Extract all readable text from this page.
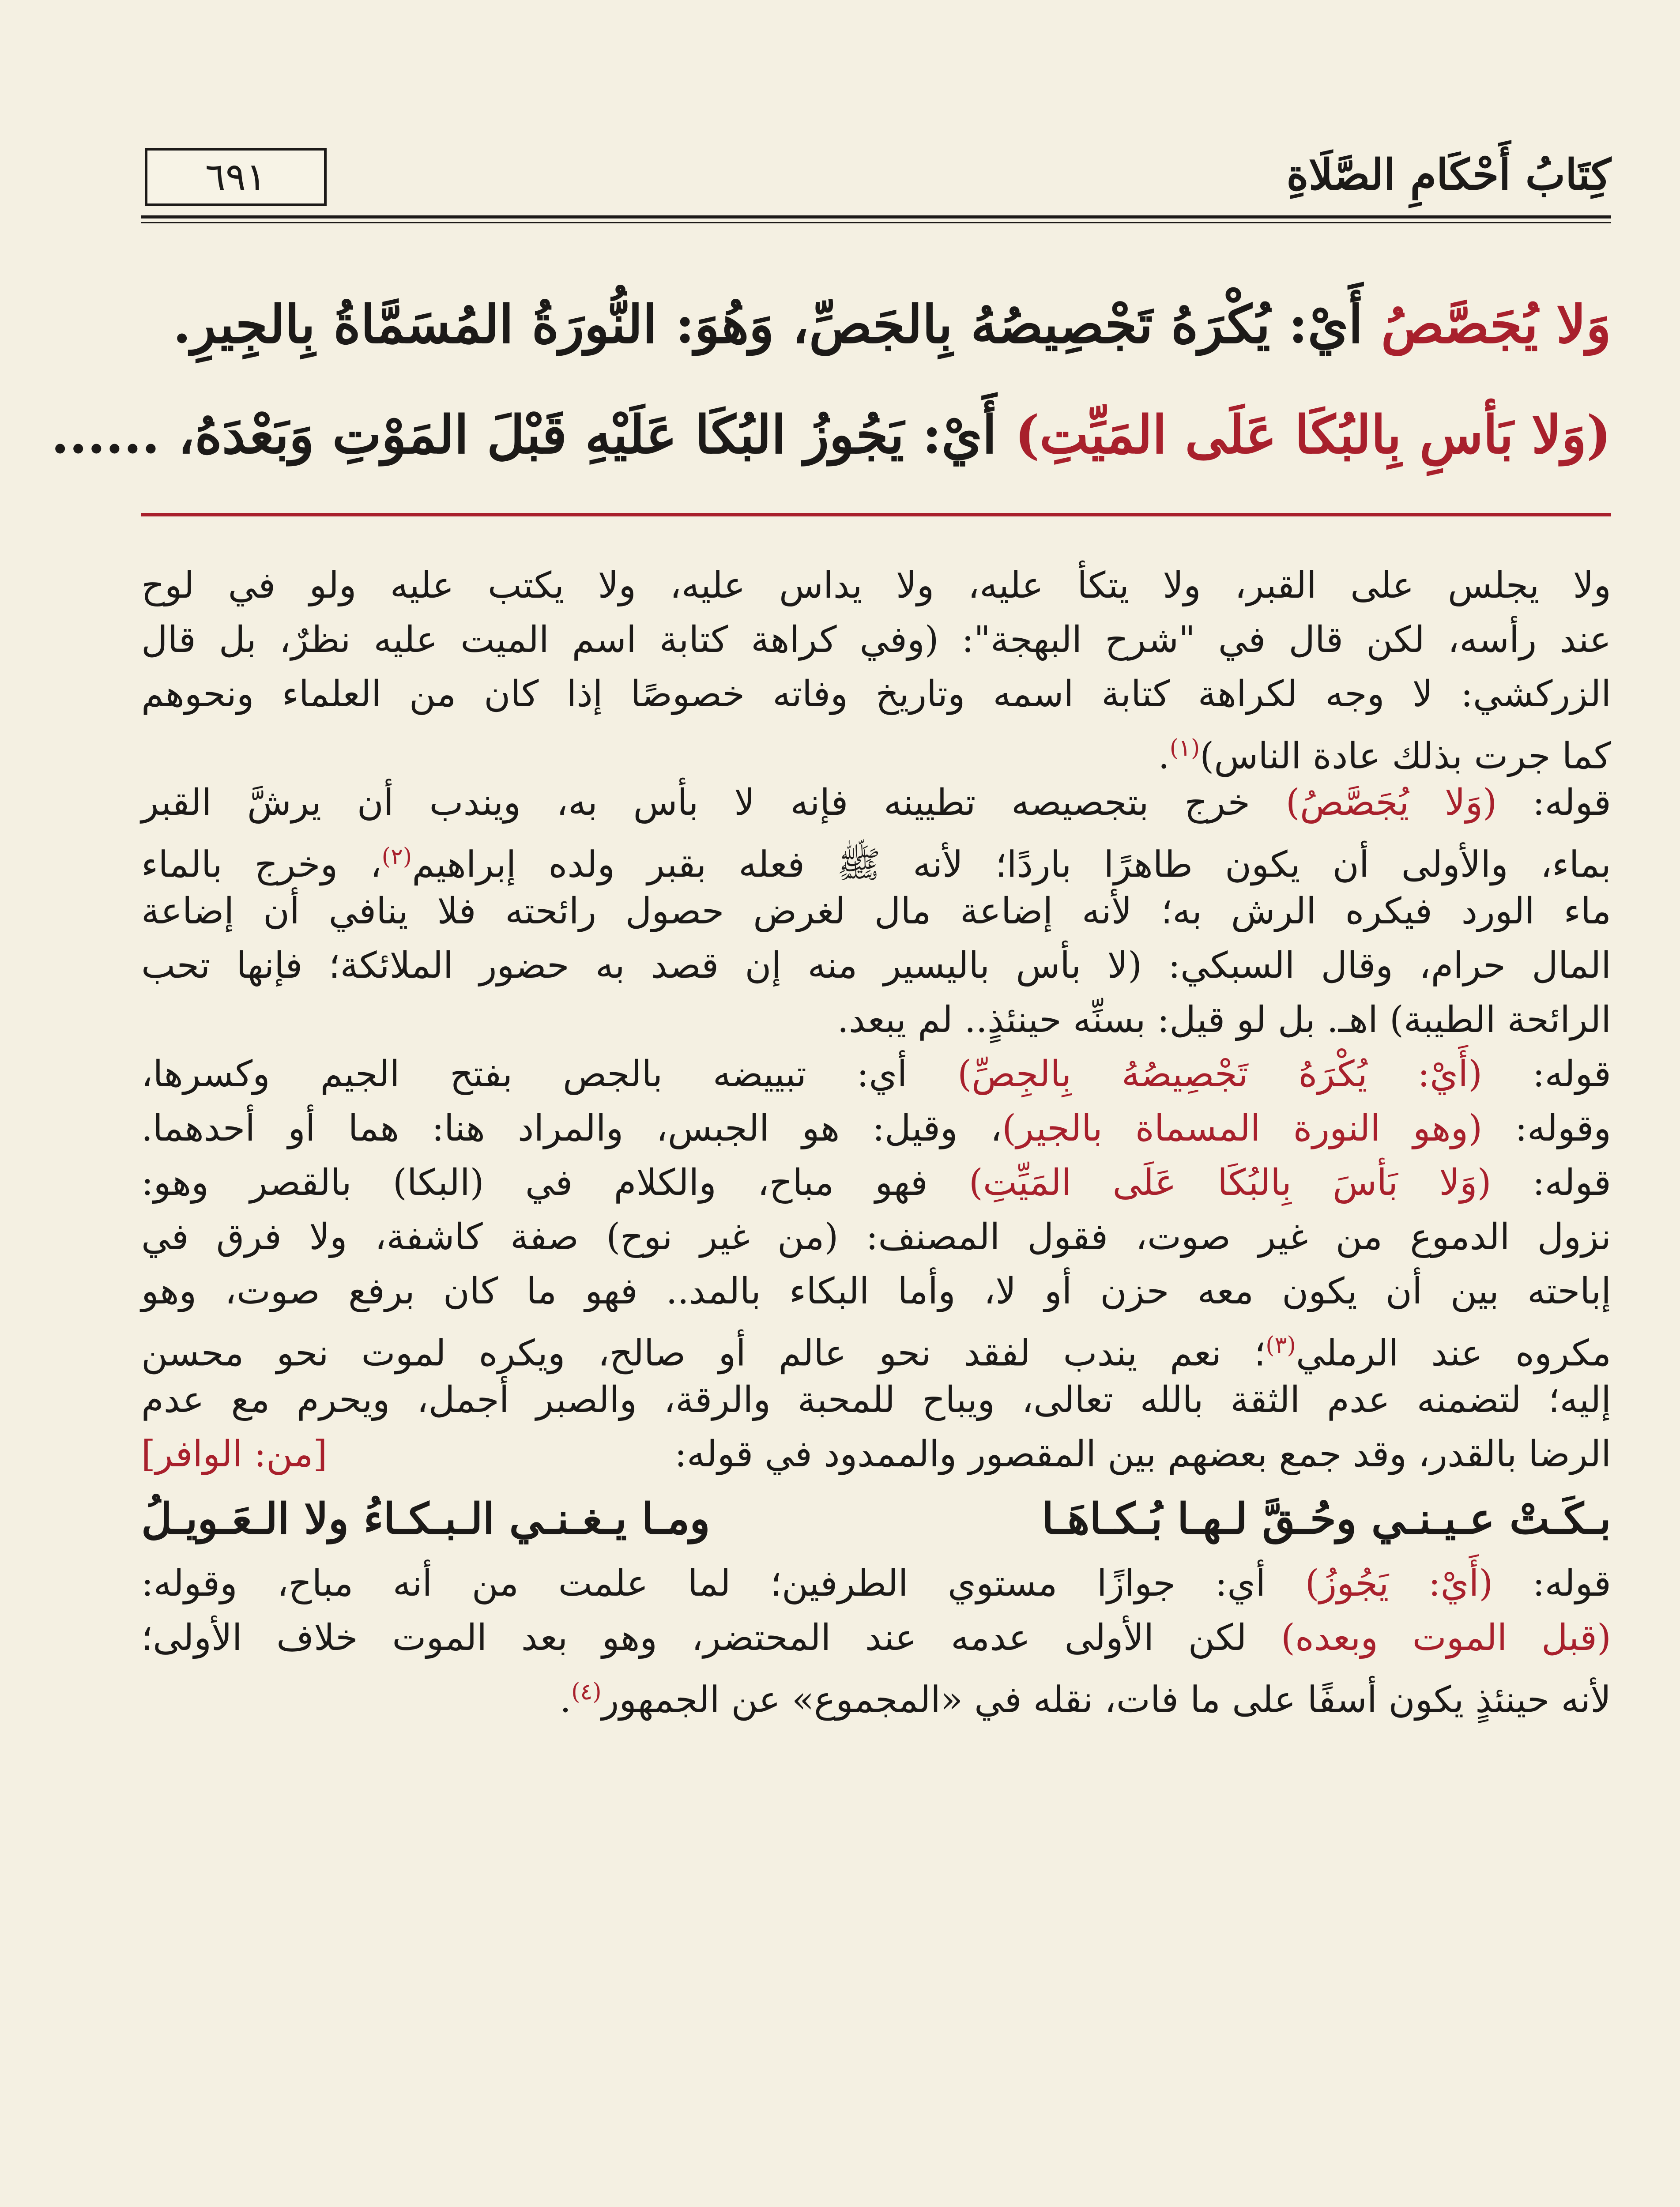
٦٩١	كِتَابُ أَحْكَامِ الصَّلَاةِ
وَلا يُجَصَّصُ أَيْ: يُكْرَهُ تَجْصِيصُهُ بِالجَصِّ، وَهُوَ: النُّورَةُ المُسَمَّاةُ بِالجِيرِ.
(وَلا بَأسِ بِالبُكَا عَلَى المَيِّتِ) أَيْ: يَجُوزُ البُكَا عَلَيْهِ قَبْلَ المَوْتِ وَبَعْدَهُ، ......
ولا يجلس على القبر، ولا يتكأ عليه، ولا يداس عليه، ولا يكتب عليه ولو في لوح
عند رأسه، لكن قال في "شرح البهجة": (وفي كراهة كتابة اسم الميت عليه نظرٌ، بل قال
الزركشي: لا وجه لكراهة كتابة اسمه وتاريخ وفاته خصوصًا إذا كان من العلماء ونحوهم
كما جرت بذلك عادة الناس)$^{(١)}$.
قوله: (وَلا يُجَصَّصُ) خرج بتجصيصه تطيينه فإنه لا بأس به، ويندب أن يرشَّ القبر
بماء، والأولى أن يكون طاهرًا باردًا؛ لأنه ﷺ فعله بقبر ولده إبراهيم$^{(٢)}$، وخرج بالماء
ماء الورد فيكره الرش به؛ لأنه إضاعة مال لغرض حصول رائحته فلا ينافي أن إضاعة
المال حرام، وقال السبكي: (لا بأس باليسير منه إن قصد به حضور الملائكة؛ فإنها تحب
الرائحة الطيبة) اهـ. بل لو قيل: بسنِّه حينئذٍ.. لم يبعد.
قوله: (أَيْ: يُكْرَهُ تَجْصِيصُهُ بِالجِصِّ) أي: تبييضه بالجص بفتح الجيم وكسرها،
وقوله: (وهو النورة المسماة بالجير)، وقيل: هو الجبس، والمراد هنا: هما أو أحدهما.
قوله: (وَلا بَأسَ بِالبُكَا عَلَى المَيِّتِ) فهو مباح، والكلام في (البكا) بالقصر وهو:
نزول الدموع من غير صوت، فقول المصنف: (من غير نوح) صفة كاشفة، ولا فرق في
إباحته بين أن يكون معه حزن أو لا، وأما البكاء بالمد.. فهو ما كان برفع صوت، وهو
مكروه عند الرملي$^{(٣)}$؛ نعم يندب لفقد نحو عالم أو صالح، ويكره لموت نحو محسن
إليه؛ لتضمنه عدم الثقة بالله تعالى، ويباح للمحبة والرقة، والصبر أجمل، ويحرم مع عدم
الرضا بالقدر، وقد جمع بعضهم بين المقصور والممدود في قوله:
[من: الوافر]
بـكَـتْ عـيـنـي وحُـقَّ لـهـا بُـكـاهَـا
ومـا يـغـنـي الـبـكـاءُ ولا الـعَـويـلُ
قوله: (أَيْ: يَجُوزُ) أي: جوازًا مستوي الطرفين؛ لما علمت من أنه مباح، وقوله:
(قبل الموت وبعده) لكن الأولى عدمه عند المحتضر، وهو بعد الموت خلاف الأولى؛
لأنه حينئذٍ يكون أسفًا على ما فات، نقله في «المجموع» عن الجمهور$^{(٤)}$.
